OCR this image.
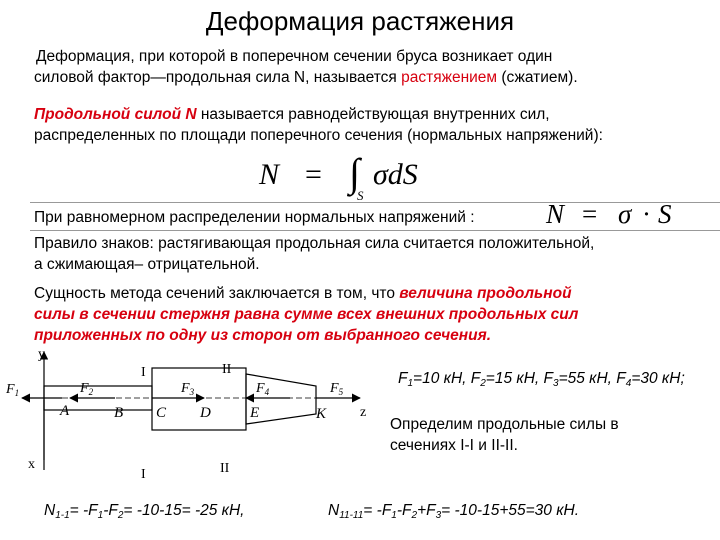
Деформация растяжения
Деформация, при которой в поперечном сечении бруса возникает один
силовой фактор—продольная сила N, называется растяжением (сжатием).
Продольной силой N называется равнодействующая внутренних сил,
распределенных по площади поперечного сечения (нормальных напряжений):
N = ∫
S
σdS
При равномерном распределении нормальных напряжений :	N = σ · S
Правило знаков: растягивающая продольная сила считается положительной,
а сжимающая– отрицательной.
Сущность метода сечений заключается в том, что величина продольной
силы в сечении стержня равна сумме всех внешних продольных сил
приложенных по одну из сторон от выбранного сечения.
y
x
$F_1$	$F_2$	$F_3$	$F_4$	$F_5$
z
A	B C D	E	K
I
I
II
II
$F_1=10$ кН, $F_2=15$ кН, $F_3=55$ кН, $F_4=30$ кН;
Определим продольные силы в
сечениях I-I и II-II.
$N_{1-1}= -F_1-F_2= -10-15= -25$ кН,	$N_{11-11}= -F_1-F_2+F_3= -10-15+55=30$ кН.
